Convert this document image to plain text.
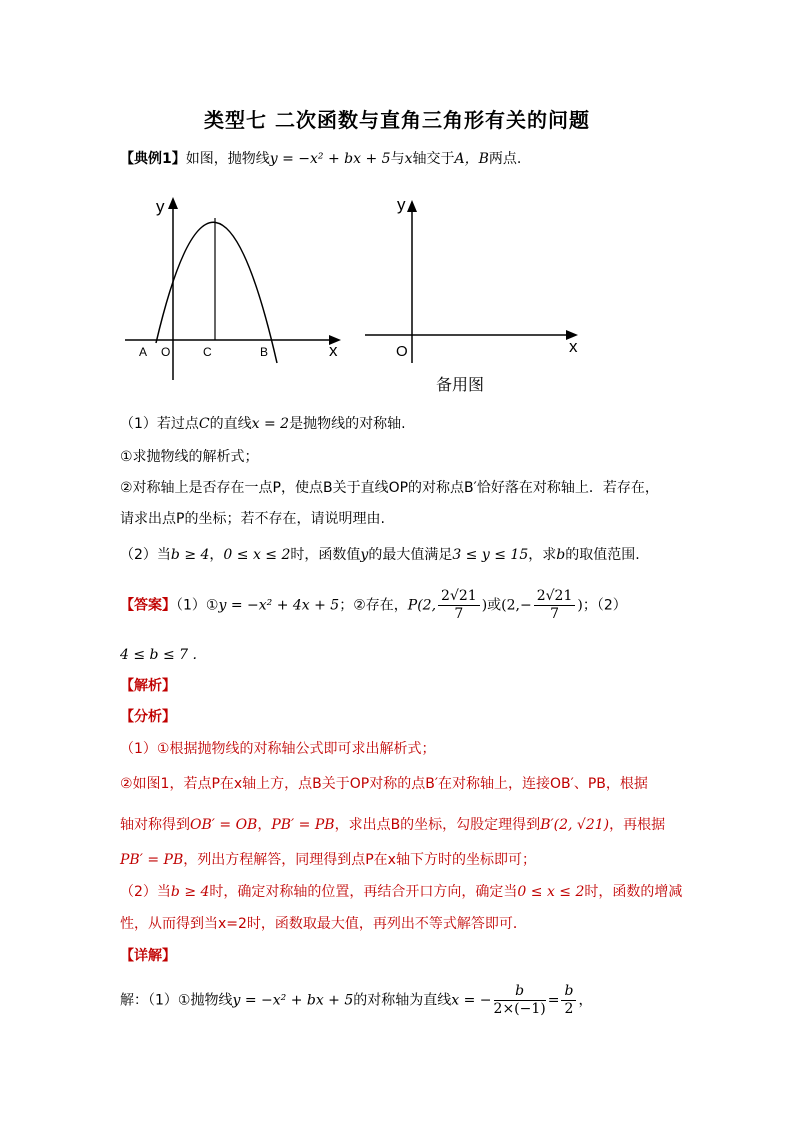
类型七 二次函数与直角三角形有关的问题
【典例1】如图，抛物线y = −x² + bx + 5与x轴交于A，B两点.
y
x
A O	C	B
y
x
O
备用图
（1）若过点C的直线x = 2是抛物线的对称轴.
①求抛物线的解析式；
②对称轴上是否存在一点P，使点B关于直线OP的对称点B′恰好落在对称轴上．若存在，
请求出点P的坐标；若不存在，请说明理由.
（2）当b ≥ 4，0 ≤ x ≤ 2时，函数值y的最大值满足3 ≤ y ≤ 15，求b的取值范围.
【答案】（1）①y = −x² + 4x + 5；②存在，P(2, $\frac{2√21}{7}$ )或($2,- \frac{2√21}{7}$ )；（2）
4 ≤ b ≤ 7 .
【解析】
【分析】
（1）①根据抛物线的对称轴公式即可求出解析式；
②如图1，若点P在x轴上方，点B关于OP对称的点B′在对称轴上，连接OB′、PB，根据
轴对称得到OB′ = OB，PB′ = PB，求出点B的坐标，勾股定理得到B′(2, √21)，再根据
PB′ = PB，列出方程解答，同理得到点P在x轴下方时的坐标即可；
（2）当b ≥ 4时，确定对称轴的位置，再结合开口方向，确定当0 ≤ x ≤ 2时，函数的增减
性，从而得到当x=2时，函数取最大值，再列出不等式解答即可．
【详解】
解：（1）①抛物线y = −x² + bx + 5的对称轴为直线x = − $\frac{b}{2\times(-1)} = \frac{b}{2}$ ，
